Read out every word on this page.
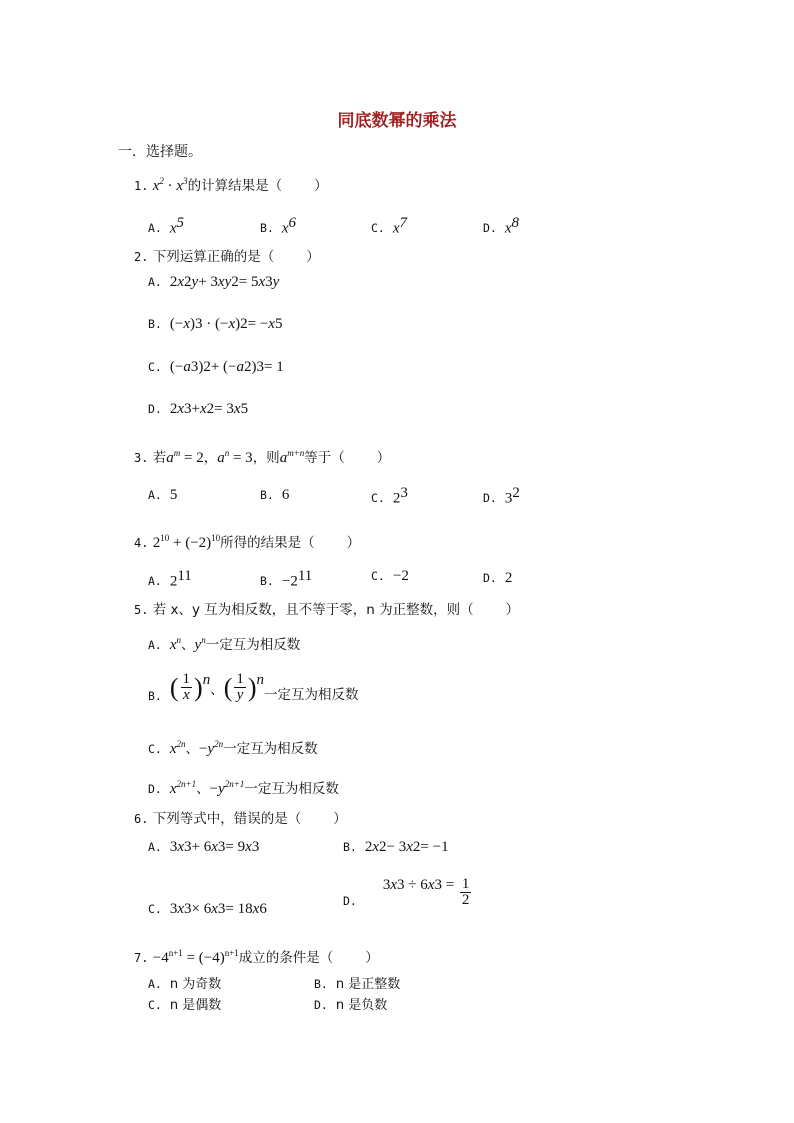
同底数幂的乘法
一．选择题。
1. $x^2 \cdot x^3$的计算结果是（ ）
A. $x^5$	B. $x^6$	C. $x^7$	D. $x^8$
2. 下列运算正确的是（ ）
A. 2 x 2 y + 3 xy 2 = 5 x 3 y
B. (− x ) 3 · (− x ) 2 = − x 5
C. (− a 3 ) 2 + (− a 2 ) 3 = 1
D. 2 x 3 + x 2 = 3 x 5
3. 若$a^m = 2$，$a^n = 3$，则$a^{m+n}$等于（ ）
A. 5	B. 6	C. $2^3$	D. $3^2$
4. $2^{10} + (-2)^{10}$所得的结果是（ ）
A. $2^{11}$	B. $-2^{11}$	C. −2	D. 2
5. 若 x、y 互为相反数，且不等于零，n 为正整数，则（ ）
A. $x^n$ 、 $y^n$ 一定互为相反数
B. ( $\frac{1}{x}$ ) n
、 ( $\frac{1}{y}$ ) n
一定互为相反数
C. $x^{2n}$ 、 − $y^{2n}$ 一定互为相反数
D. $x^{2n+1}$ 、 − $y^{2n+1}$ 一定互为相反数
6. 下列等式中，错误的是（ ）
A. 3 x 3 + 6 x 3 = 9 x 3	B. 2 x 2 − 3 x 2 = −1
C. 3 x 3 × 6 x 3 = 18 x 6	D.
3 x 3 ÷ 6 x $3 = \frac{1}{2}$
7. $-4^{n+1} = (-4)^{n+1}$成立的条件是（ ）
A. n 为奇数	B. n 是正整数
C. n 是偶数	D. n 是负数
